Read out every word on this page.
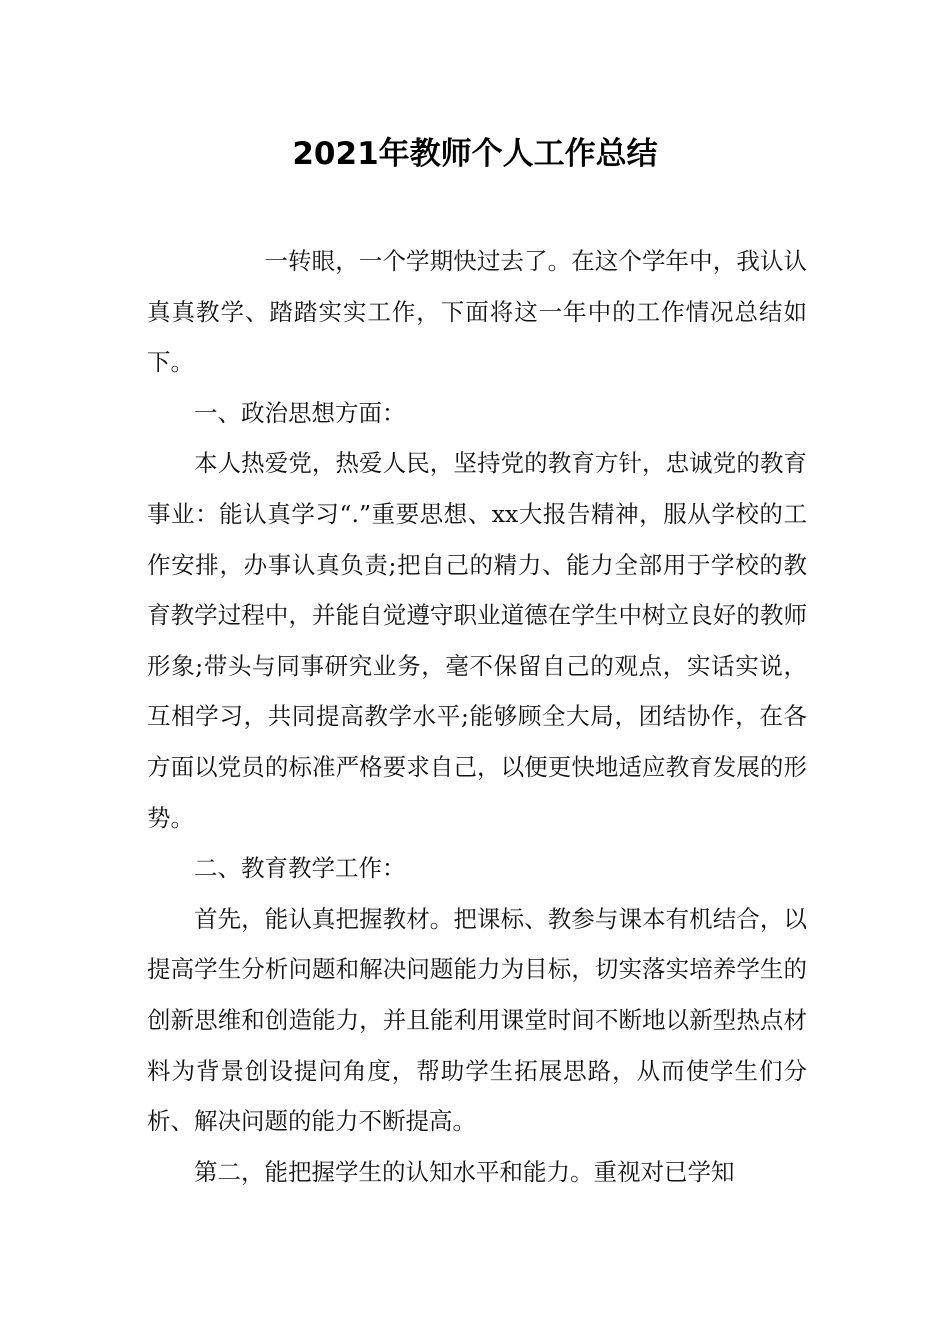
2021年教师个人工作总结

一转眼，一个学期快过去了。在这个学年中，我认认真真教学、踏踏实实工作，下面将这一年中的工作情况总结如下。

一、政治思想方面：

本人热爱党，热爱人民，坚持党的教育方针，忠诚党的教育事业：能认真学习“.”重要思想、xx大报告精神，服从学校的工作安排，办事认真负责;把自己的精力、能力全部用于学校的教育教学过程中，并能自觉遵守职业道德在学生中树立良好的教师形象;带头与同事研究业务，毫不保留自己的观点，实话实说，互相学习，共同提高教学水平;能够顾全大局，团结协作，在各方面以党员的标准严格要求自己，以便更快地适应教育发展的形势。

二、教育教学工作：

首先，能认真把握教材。把课标、教参与课本有机结合，以提高学生分析问题和解决问题能力为目标，切实落实培养学生的创新思维和创造能力，并且能利用课堂时间不断地以新型热点材料为背景创设提问角度，帮助学生拓展思路，从而使学生们分析、解决问题的能力不断提高。

第二，能把握学生的认知水平和能力。重视对已学知
